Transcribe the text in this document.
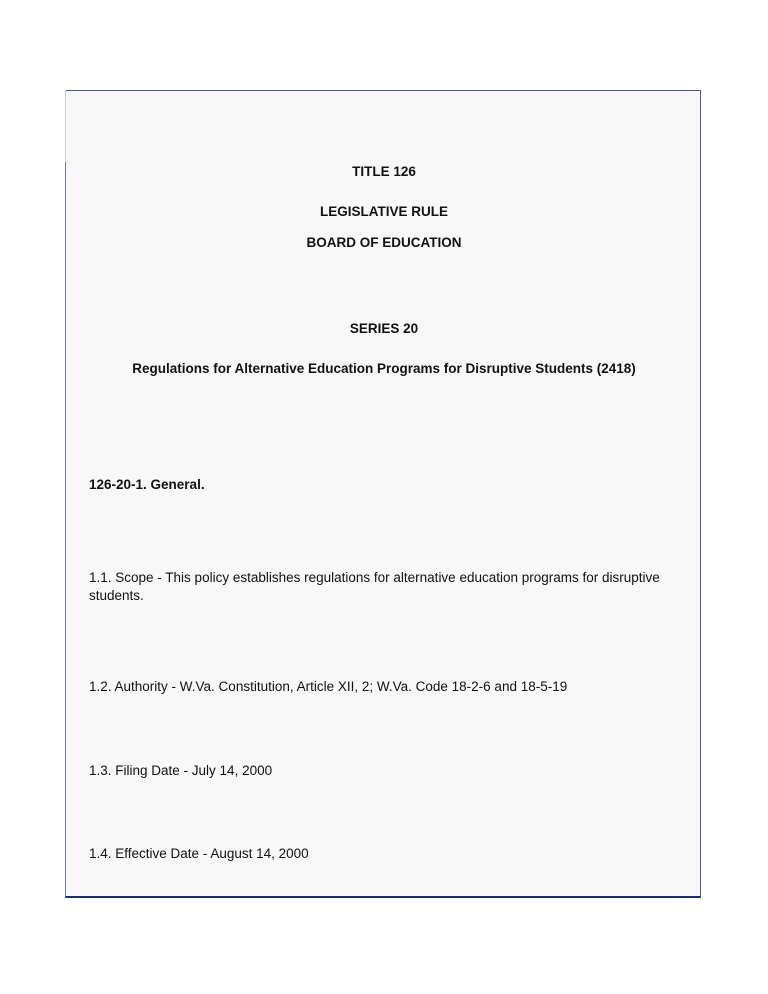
TITLE 126
LEGISLATIVE RULE
BOARD OF EDUCATION
SERIES 20
Regulations for Alternative Education Programs for Disruptive Students (2418)
126-20-1. General.
1.1. Scope - This policy establishes regulations for alternative education programs for disruptive students.
1.2. Authority - W.Va. Constitution, Article XII, 2; W.Va. Code 18-2-6 and 18-5-19
1.3. Filing Date - July 14, 2000
1.4. Effective Date - August 14, 2000
